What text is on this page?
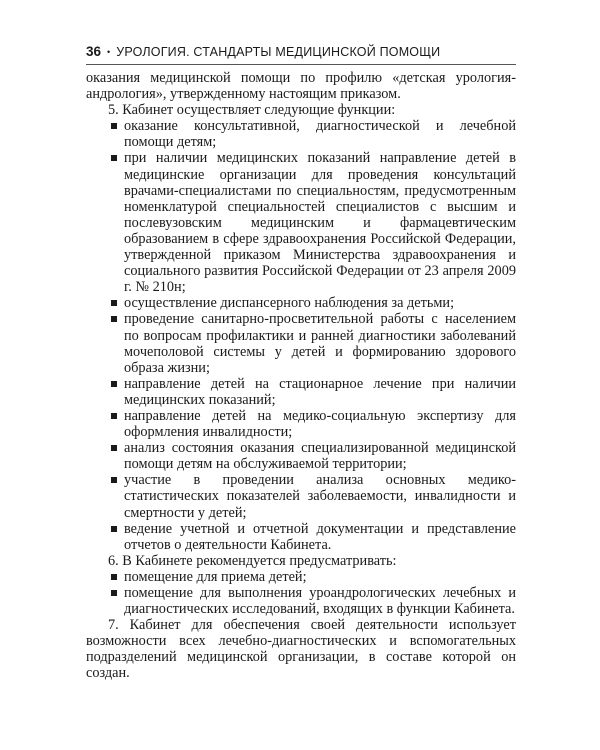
36 • УРОЛОГИЯ. СТАНДАРТЫ МЕДИЦИНСКОЙ ПОМОЩИ

оказания медицинской помощи по профилю «детская урология-андрология», утвержденному настоящим приказом.

5. Кабинет осуществляет следующие функции:

оказание консультативной, диагностической и лечебной помощи детям;
при наличии медицинских показаний направление детей в медицинские организации для проведения консультаций врачами-специалистами по специальностям, предусмотренным номенклатурой специальностей специалистов с высшим и послевузовским медицинским и фармацевтическим образованием в сфере здравоохранения Российской Федерации, утвержденной приказом Министерства здравоохранения и социального развития Российской Федерации от 23 апреля 2009 г. № 210н;
осуществление диспансерного наблюдения за детьми;
проведение санитарно-просветительной работы с населением по вопросам профилактики и ранней диагностики заболеваний мочеполовой системы у детей и формированию здорового образа жизни;
направление детей на стационарное лечение при наличии медицинских показаний;
направление детей на медико-социальную экспертизу для оформления инвалидности;
анализ состояния оказания специализированной медицинской помощи детям на обслуживаемой территории;
участие в проведении анализа основных медико-статистических показателей заболеваемости, инвалидности и смертности у детей;
ведение учетной и отчетной документации и представление отчетов о деятельности Кабинета.

6. В Кабинете рекомендуется предусматривать:

помещение для приема детей;
помещение для выполнения уроандрологических лечебных и диагностических исследований, входящих в функции Кабинета.

7. Кабинет для обеспечения своей деятельности использует возможности всех лечебно-диагностических и вспомогательных подразделений медицинской организации, в составе которой он создан.
